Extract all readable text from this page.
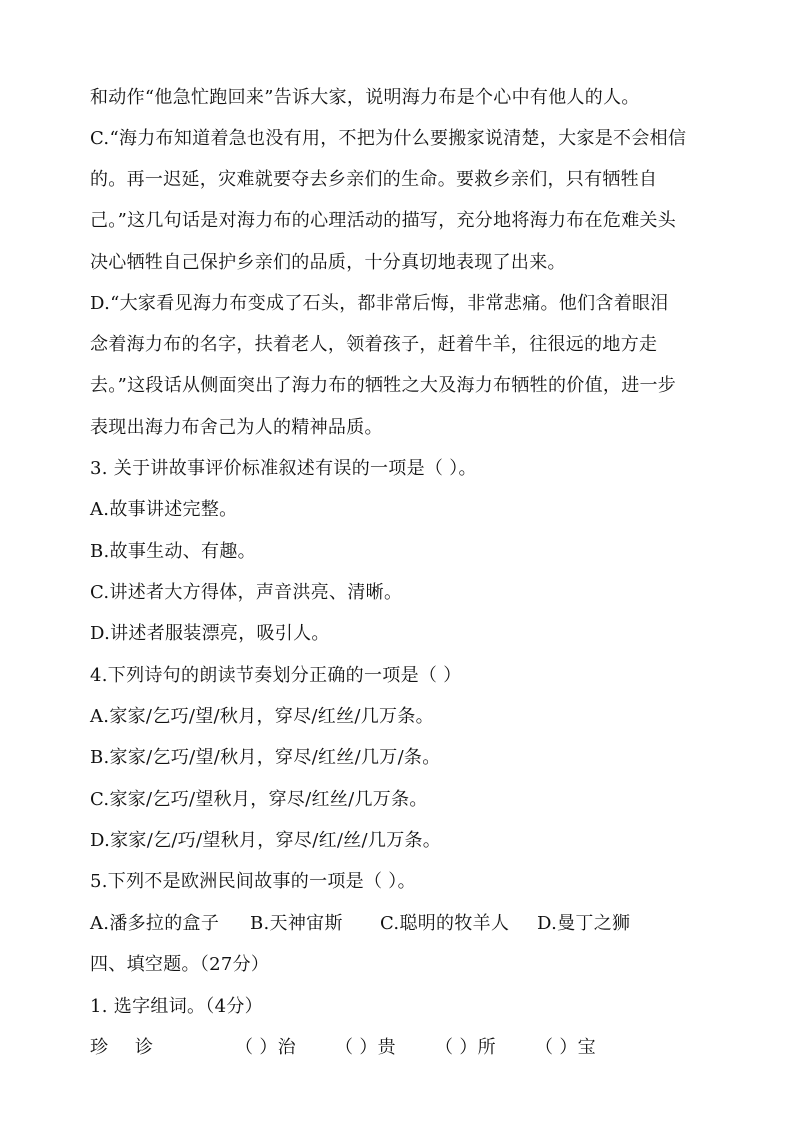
和动作“他急忙跑回来”告诉大家，说明海力布是个心中有他人的人。
C.“海力布知道着急也没有用，不把为什么要搬家说清楚，大家是不会相信
的。再一迟延，灾难就要夺去乡亲们的生命。要救乡亲们，只有牺牲自
己。”这几句话是对海力布的心理活动的描写，充分地将海力布在危难关头
决心牺牲自己保护乡亲们的品质，十分真切地表现了出来。
D.“大家看见海力布变成了石头，都非常后悔，非常悲痛。他们含着眼泪
念着海力布的名字，扶着老人，领着孩子，赶着牛羊，往很远的地方走
去。”这段话从侧面突出了海力布的牺牲之大及海力布牺牲的价值，进一步
表现出海力布舍己为人的精神品质。
3. 关于讲故事评价标准叙述有误的一项是（ ）。
A.故事讲述完整。
B.故事生动、有趣。
C.讲述者大方得体，声音洪亮、清晰。
D.讲述者服装漂亮，吸引人。
4.下列诗句的朗读节奏划分正确的一项是（ ）
A.家家/乞巧/望/秋月，穿尽/红丝/几万条。
B.家家/乞巧/望/秋月，穿尽/红丝/几万/条。
C.家家/乞巧/望秋月，穿尽/红丝/几万条。
D.家家/乞/巧/望秋月，穿尽/红/丝/几万条。
5.下列不是欧洲民间故事的一项是（ ）。
A.潘多拉的盒子 B.天神宙斯 C.聪明的牧羊人 D.曼丁之狮
四、填空题。（27分）
1. 选字组词。（4分）
珍 诊	（ ）治 （ ）贵 （ ）所 （ ）宝
